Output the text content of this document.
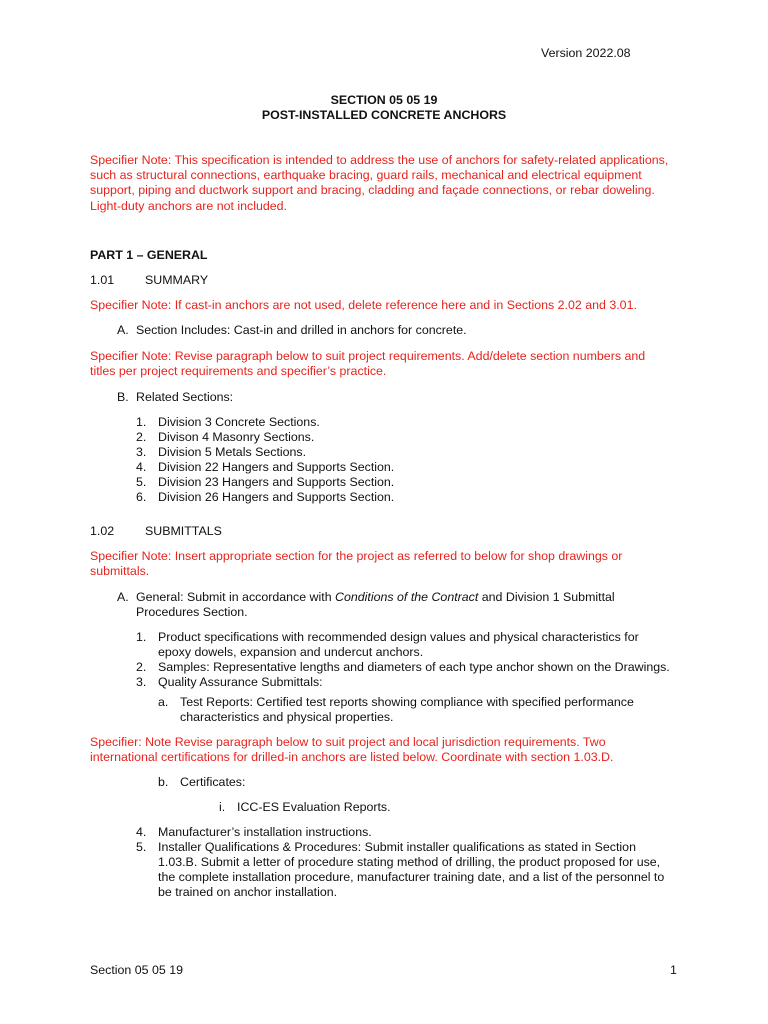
Version 2022.08

SECTION 05 05 19

POST-INSTALLED CONCRETE ANCHORS

Specifier Note: This specification is intended to address the use of anchors for safety-related applications,
such as structural connections, earthquake bracing, guard rails, mechanical and electrical equipment
support, piping and ductwork support and bracing, cladding and façade connections, or rebar doweling.
Light-duty anchors are not included.

PART 1 – GENERAL

1.01 SUMMARY

Specifier Note: If cast-in anchors are not used, delete reference here and in Sections 2.02 and 3.01.

A. Section Includes: Cast-in and drilled in anchors for concrete.

Specifier Note: Revise paragraph below to suit project requirements. Add/delete section numbers and
titles per project requirements and specifier’s practice.

B. Related Sections:

1. Division 3 Concrete Sections.

2. Divison 4 Masonry Sections.

3. Division 5 Metals Sections.

4. Division 22 Hangers and Supports Section.

5. Division 23 Hangers and Supports Section.

6. Division 26 Hangers and Supports Section.

1.02 SUBMITTALS

Specifier Note: Insert appropriate section for the project as referred to below for shop drawings or
submittals.

A. General: Submit in accordance with Conditions of the Contract and Division 1 Submittal

Procedures Section.

1. Product specifications with recommended design values and physical characteristics for

epoxy dowels, expansion and undercut anchors.

2. Samples: Representative lengths and diameters of each type anchor shown on the Drawings.

3. Quality Assurance Submittals:

a. Test Reports: Certified test reports showing compliance with specified performance

characteristics and physical properties.

Specifier: Note Revise paragraph below to suit project and local jurisdiction requirements. Two
international certifications for drilled-in anchors are listed below. Coordinate with section 1.03.D.

b. Certificates:

i. ICC-ES Evaluation Reports.

4. Manufacturer’s installation instructions.

5. Installer Qualifications & Procedures: Submit installer qualifications as stated in Section

1.03.B. Submit a letter of procedure stating method of drilling, the product proposed for use,

the complete installation procedure, manufacturer training date, and a list of the personnel to

be trained on anchor installation.

Section 05 05 19	1
